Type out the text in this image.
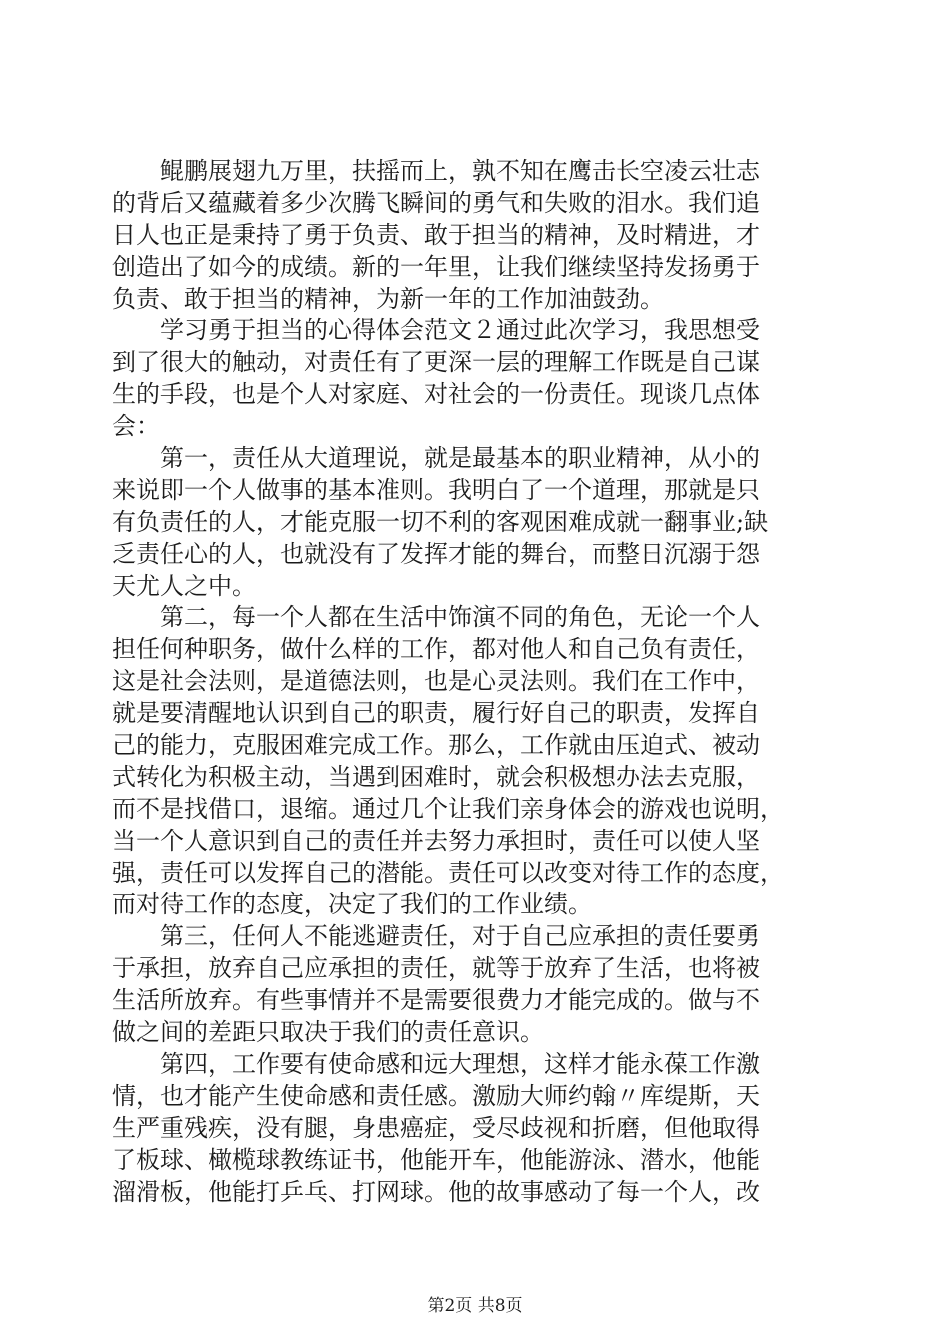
　　鲲鹏展翅九万里，扶摇而上，孰不知在鹰击长空凌云壮志
的背后又蕴藏着多少次腾飞瞬间的勇气和失败的泪水。我们追
日人也正是秉持了勇于负责、敢于担当的精神，及时精进，才
创造出了如今的成绩。新的一年里，让我们继续坚持发扬勇于
负责、敢于担当的精神，为新一年的工作加油鼓劲。
　　学习勇于担当的心得体会范文２通过此次学习，我思想受
到了很大的触动，对责任有了更深一层的理解工作既是自己谋
生的手段，也是个人对家庭、对社会的一份责任。现谈几点体
会：
　　第一，责任从大道理说，就是最基本的职业精神，从小的
来说即一个人做事的基本准则。我明白了一个道理，那就是只
有负责任的人，才能克服一切不利的客观困难成就一翻事业;缺
乏责任心的人，也就没有了发挥才能的舞台，而整日沉溺于怨
天尤人之中。
　　第二，每一个人都在生活中饰演不同的角色，无论一个人
担任何种职务，做什么样的工作，都对他人和自己负有责任，
这是社会法则，是道德法则，也是心灵法则。我们在工作中，
就是要清醒地认识到自己的职责，履行好自己的职责，发挥自
己的能力，克服困难完成工作。那么，工作就由压迫式、被动
式转化为积极主动，当遇到困难时，就会积极想办法去克服，
而不是找借口，退缩。通过几个让我们亲身体会的游戏也说明，
当一个人意识到自己的责任并去努力承担时，责任可以使人坚
强，责任可以发挥自己的潜能。责任可以改变对待工作的态度，
而对待工作的态度，决定了我们的工作业绩。
　　第三，任何人不能逃避责任，对于自己应承担的责任要勇
于承担，放弃自己应承担的责任，就等于放弃了生活，也将被
生活所放弃。有些事情并不是需要很费力才能完成的。做与不
做之间的差距只取决于我们的责任意识。
　　第四，工作要有使命感和远大理想，这样才能永葆工作激
情，也才能产生使命感和责任感。激励大师约翰〃库缇斯，天
生严重残疾，没有腿，身患癌症，受尽歧视和折磨，但他取得
了板球、橄榄球教练证书，他能开车，他能游泳、潜水，他能
溜滑板，他能打乒乓、打网球。他的故事感动了每一个人，改
第2页 共8页
